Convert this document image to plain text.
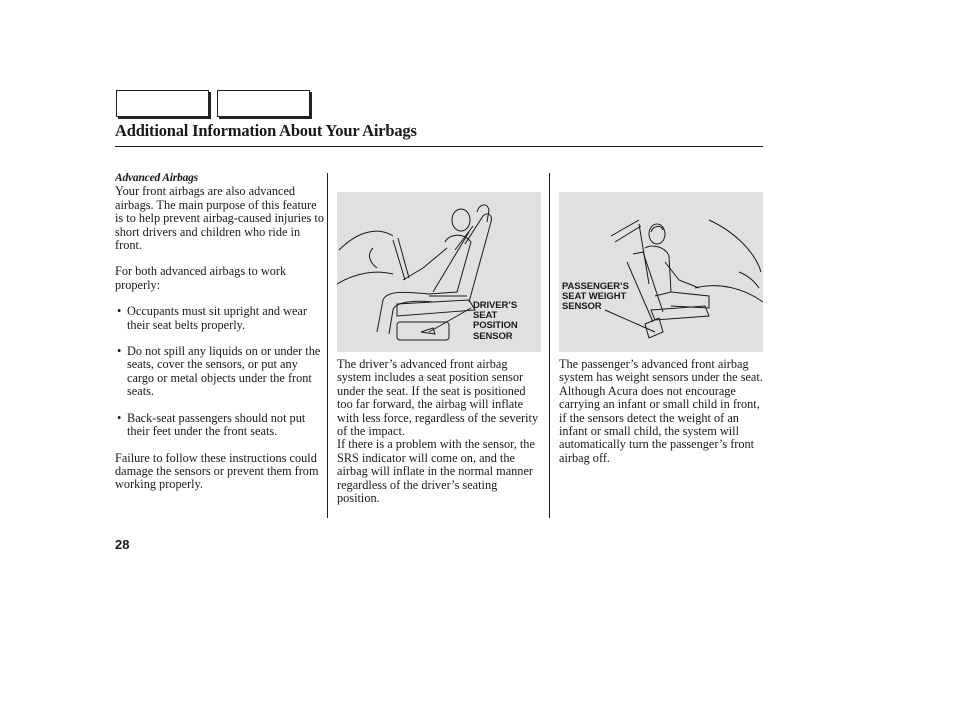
Additional Information About Your Airbags

Advanced Airbags

Your front airbags are also advanced airbags. The main purpose of this feature is to help prevent airbag-caused injuries to short drivers and children who ride in front.

For both advanced airbags to work properly:

• Occupants must sit upright and wear their seat belts properly.
• Do not spill any liquids on or under the seats, cover the sensors, or put any cargo or metal objects under the front seats.
• Back-seat passengers should not put their feet under the front seats.

Failure to follow these instructions could damage the sensors or prevent them from working properly.

DRIVER’S
SEAT
POSITION
SENSOR

The driver’s advanced front airbag system includes a seat position sensor under the seat. If the seat is positioned too far forward, the airbag will inflate with less force, regardless of the severity of the impact.

If there is a problem with the sensor, the SRS indicator will come on, and the airbag will inflate in the normal manner regardless of the driver’s seating position.

PASSENGER’S
SEAT WEIGHT
SENSOR

The passenger’s advanced front airbag system has weight sensors under the seat. Although Acura does not encourage carrying an infant or small child in front, if the sensors detect the weight of an infant or small child, the system will automatically turn the passenger’s front airbag off.

28
